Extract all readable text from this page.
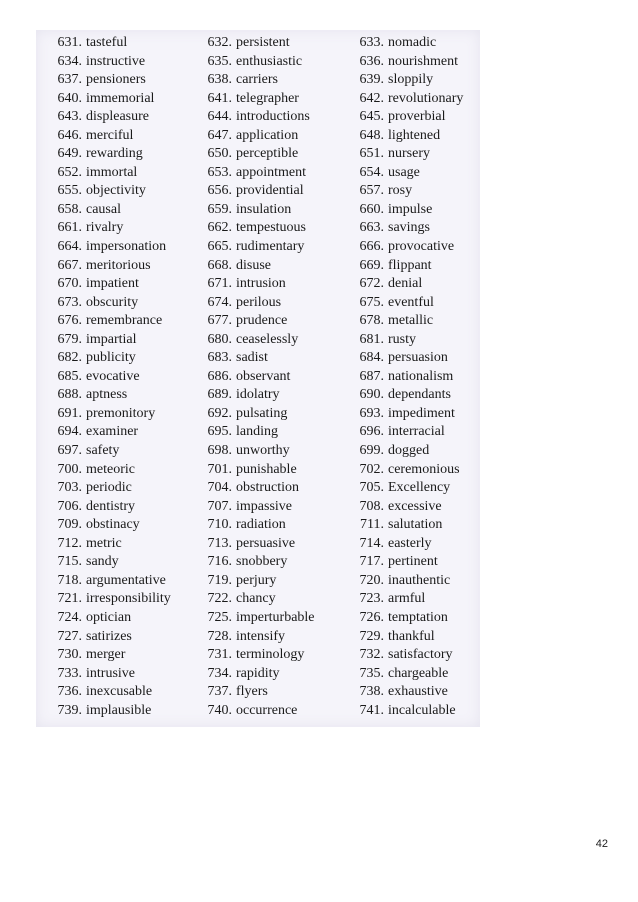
631. tasteful
634. instructive
637. pensioners
640. immemorial
643. displeasure
646. merciful
649. rewarding
652. immortal
655. objectivity
658. causal
661. rivalry
664. impersonation
667. meritorious
670. impatient
673. obscurity
676. remembrance
679. impartial
682. publicity
685. evocative
688. aptness
691. premonitory
694. examiner
697. safety
700. meteoric
703. periodic
706. dentistry
709. obstinacy
712. metric
715. sandy
718. argumentative
721. irresponsibility
724. optician
727. satirizes
730. merger
733. intrusive
736. inexcusable
739. implausible
632. persistent
635. enthusiastic
638. carriers
641. telegrapher
644. introductions
647. application
650. perceptible
653. appointment
656. providential
659. insulation
662. tempestuous
665. rudimentary
668. disuse
671. intrusion
674. perilous
677. prudence
680. ceaselessly
683. sadist
686. observant
689. idolatry
692. pulsating
695. landing
698. unworthy
701. punishable
704. obstruction
707. impassive
710. radiation
713. persuasive
716. snobbery
719. perjury
722. chancy
725. imperturbable
728. intensify
731. terminology
734. rapidity
737. flyers
740. occurrence
633. nomadic
636. nourishment
639. sloppily
642. revolutionary
645. proverbial
648. lightened
651. nursery
654. usage
657. rosy
660. impulse
663. savings
666. provocative
669. flippant
672. denial
675. eventful
678. metallic
681. rusty
684. persuasion
687. nationalism
690. dependants
693. impediment
696. interracial
699. dogged
702. ceremonious
705. Excellency
708. excessive
711. salutation
714. easterly
717. pertinent
720. inauthentic
723. armful
726. temptation
729. thankful
732. satisfactory
735. chargeable
738. exhaustive
741. incalculable
42
